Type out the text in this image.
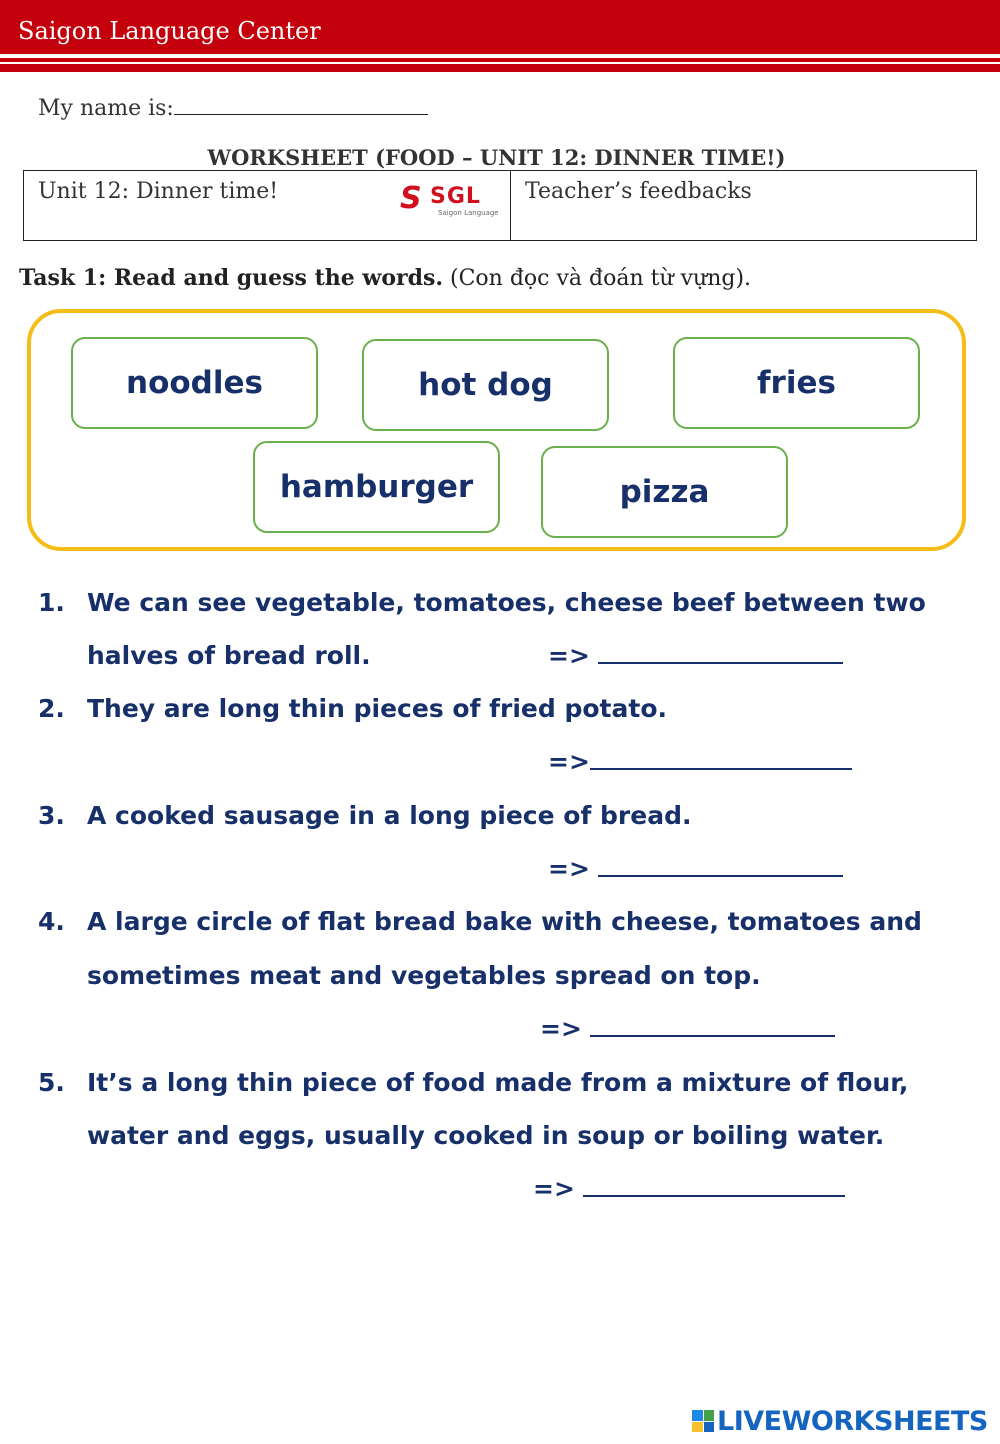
Saigon Language Center
My name is:
WORKSHEET (FOOD – UNIT 12: DINNER TIME!)
Unit 12: Dinner time!	S SGL
Saigon Language
Teacher’s feedbacks
Task 1: Read and guess the words. (Con đọc và đoán từ vựng).
noodles	hot dog	fries
hamburger	pizza
1. We can see vegetable, tomatoes, cheese beef between two
halves of bread roll.	=>
2. They are long thin pieces of fried potato.
=>
3. A cooked sausage in a long piece of bread.
=>
4. A large circle of flat bread bake with cheese, tomatoes and
sometimes meat and vegetables spread on top.
=>
5. It’s a long thin piece of food made from a mixture of flour,
water and eggs, usually cooked in soup or boiling water.
=>
LIVEWORKSHEETS
